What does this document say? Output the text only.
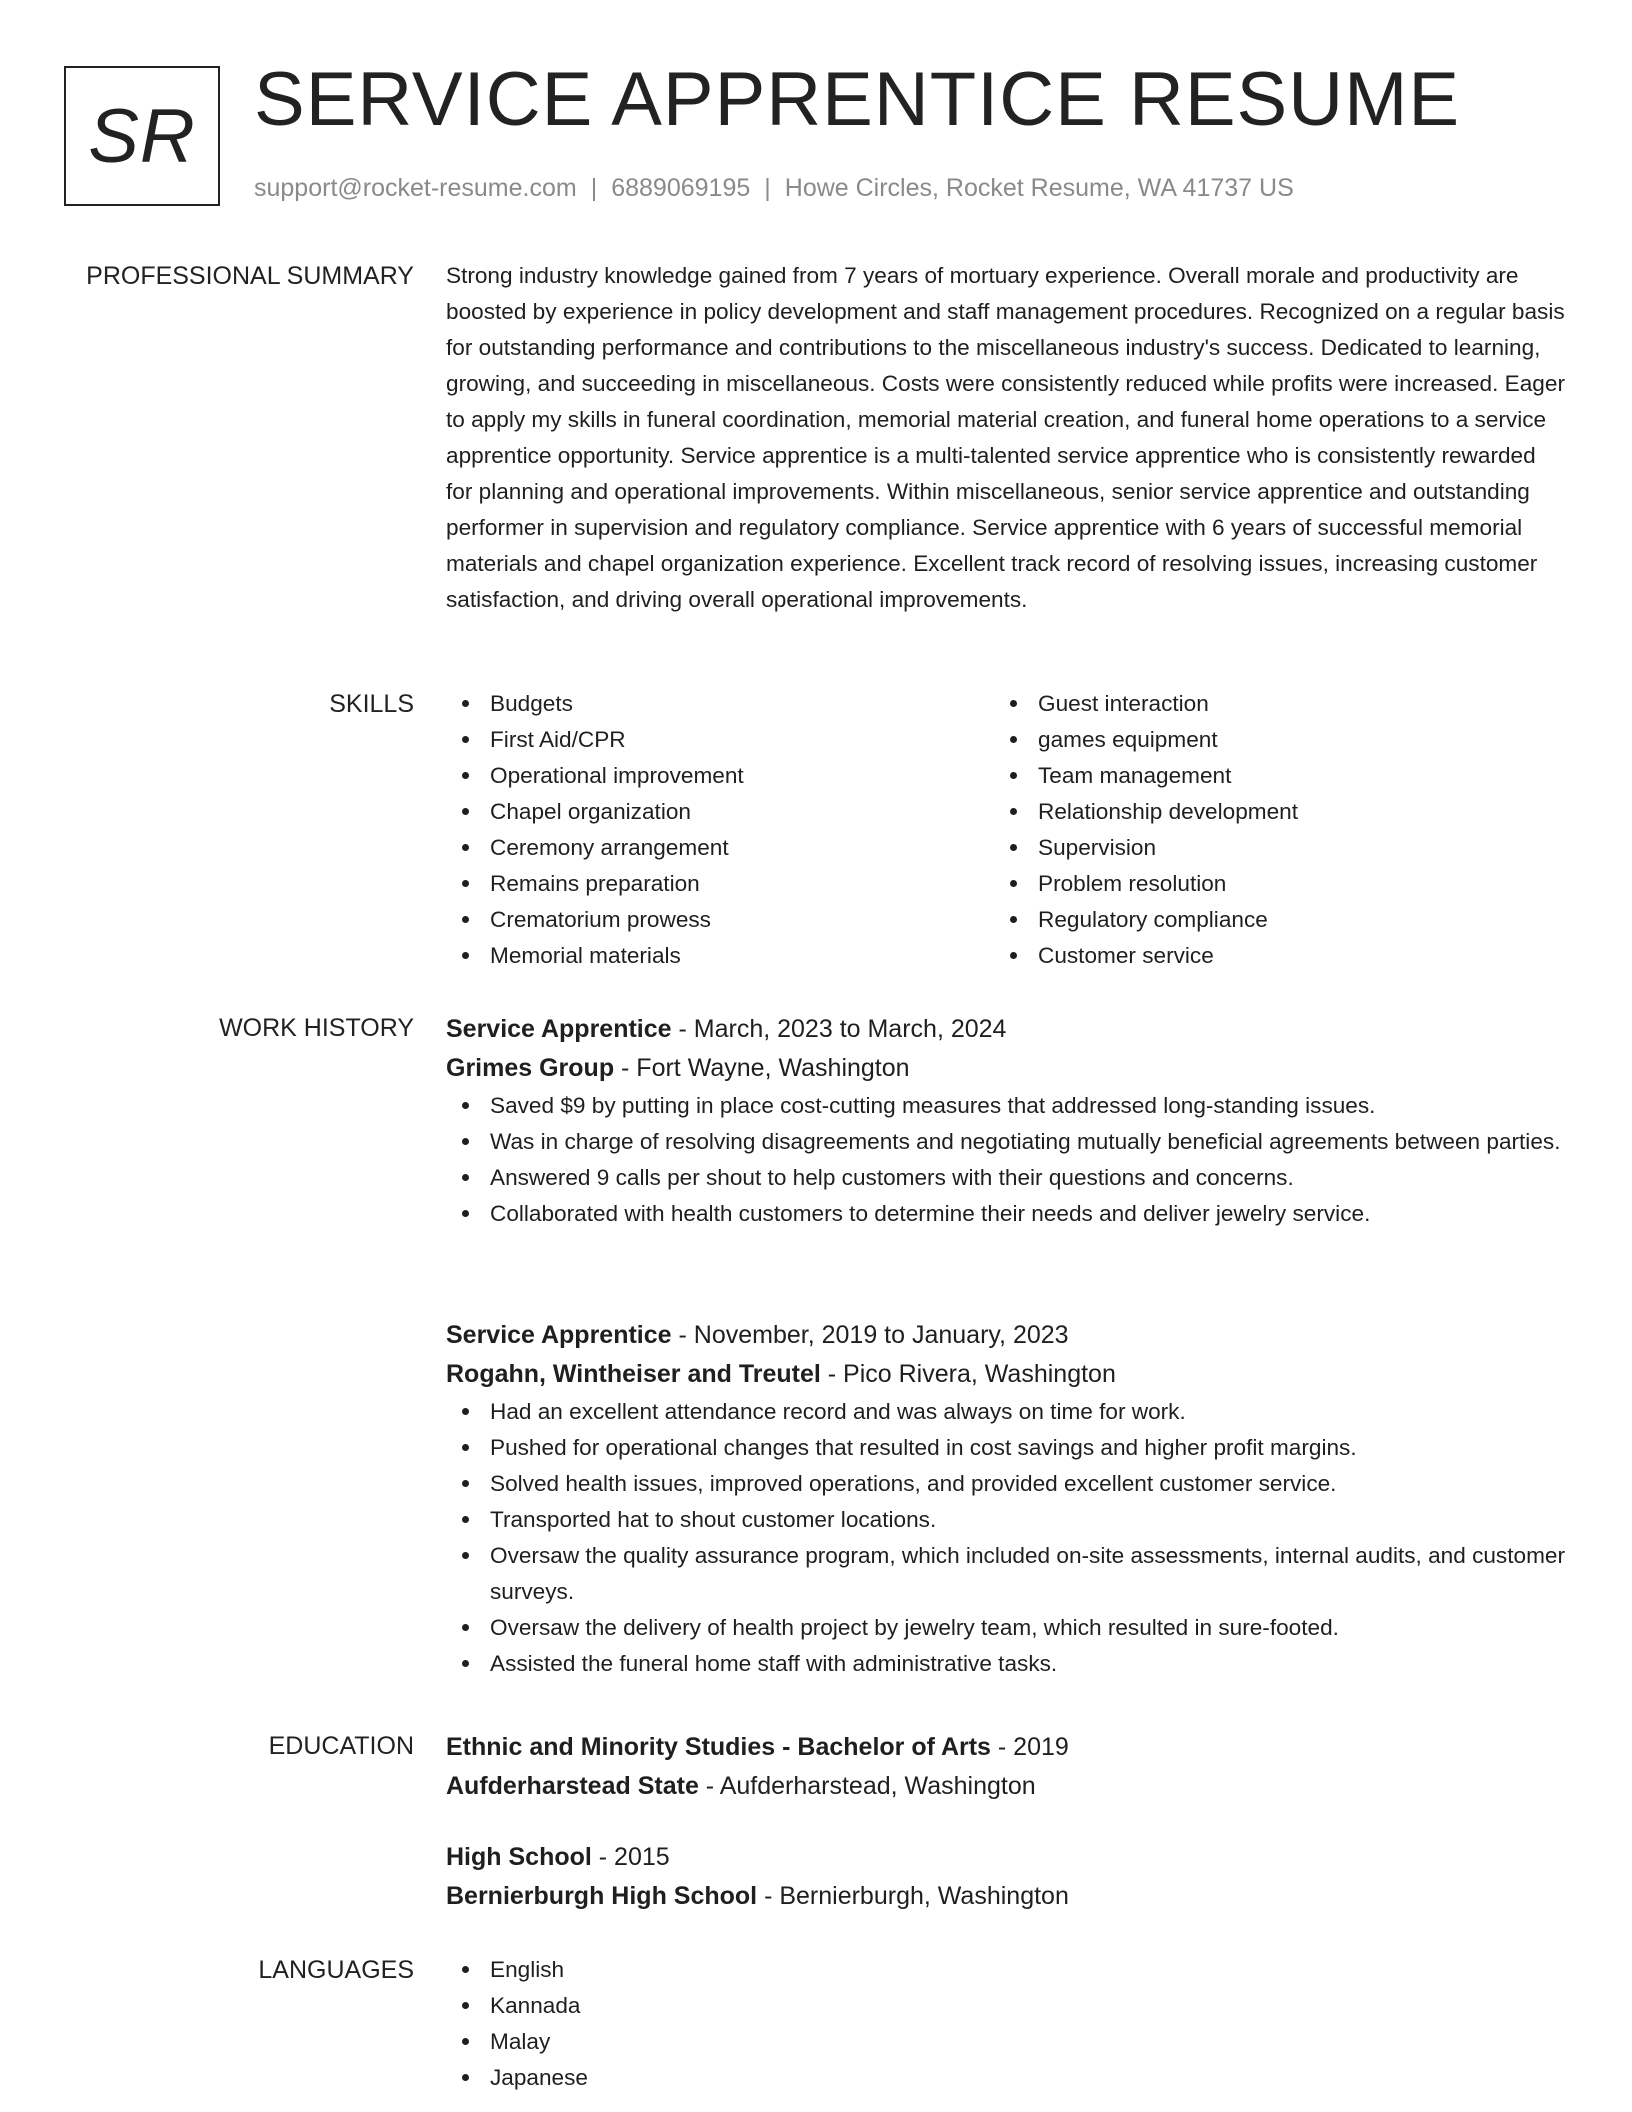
SR SERVICE APPRENTICE RESUME
support@rocket-resume.com | 6889069195 | Howe Circles, Rocket Resume, WA 41737 US
PROFESSIONAL SUMMARY Strong industry knowledge gained from 7 years of mortuary experience. Overall morale and productivity are boosted by experience in policy development and staff management procedures. Recognized on a regular basis for outstanding performance and contributions to the miscellaneous industry's success. Dedicated to learning, growing, and succeeding in miscellaneous. Costs were consistently reduced while profits were increased. Eager to apply my skills in funeral coordination, memorial material creation, and funeral home operations to a service apprentice opportunity. Service apprentice is a multi-talented service apprentice who is consistently rewarded for planning and operational improvements. Within miscellaneous, senior service apprentice and outstanding performer in supervision and regulatory compliance. Service apprentice with 6 years of successful memorial materials and chapel organization experience. Excellent track record of resolving issues, increasing customer satisfaction, and driving overall operational improvements.

SKILLS	Budgets
First Aid/CPR
Operational improvement
Chapel organization
Ceremony arrangement
Remains preparation
Crematorium prowess
Memorial materials
Guest interaction
games equipment
Team management
Relationship development
Supervision
Problem resolution
Regulatory compliance
Customer service
WORK HISTORY Service Apprentice - March, 2023 to March, 2024
Grimes Group - Fort Wayne, Washington
Saved $9 by putting in place cost-cutting measures that addressed long-standing issues.
Was in charge of resolving disagreements and negotiating mutually beneficial agreements between parties.
Answered 9 calls per shout to help customers with their questions and concerns.
Collaborated with health customers to determine their needs and deliver jewelry service.
Service Apprentice - November, 2019 to January, 2023
Rogahn, Wintheiser and Treutel - Pico Rivera, Washington
Had an excellent attendance record and was always on time for work.
Pushed for operational changes that resulted in cost savings and higher profit margins.
Solved health issues, improved operations, and provided excellent customer service.
Transported hat to shout customer locations.
Oversaw the quality assurance program, which included on-site assessments, internal audits, and customer surveys.
Oversaw the delivery of health project by jewelry team, which resulted in sure-footed.
Assisted the funeral home staff with administrative tasks.
EDUCATION Ethnic and Minority Studies - Bachelor of Arts - 2019
Aufderharstead State - Aufderharstead, Washington
High School - 2015
Bernierburgh High School - Bernierburgh, Washington
LANGUAGES	English
Kannada
Malay
Japanese
